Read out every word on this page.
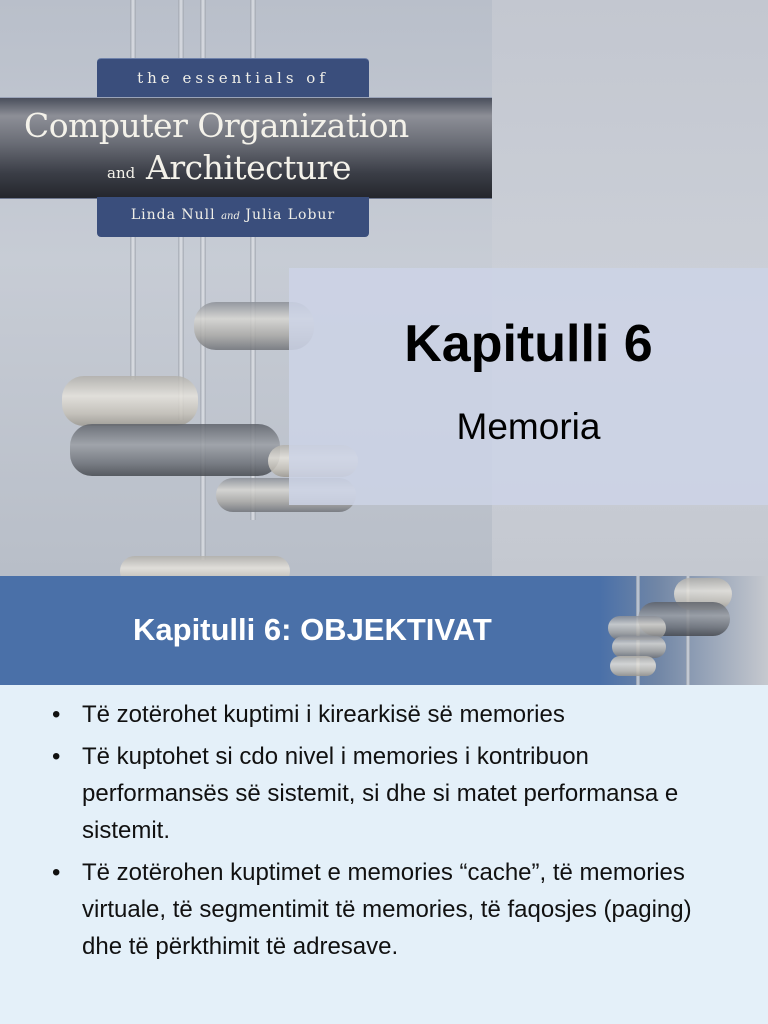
the essentials of
Computer Organization
and Architecture
Linda Null and Julia Lobur
Kapitulli 6
Memoria
Kapitulli 6: OBJEKTIVAT
• Të zotërohet kuptimi i kirearkisë së memories
• Të kuptohet si cdo nivel i memories i kontribuon performansës së sistemit, si dhe si matet performansa e sistemit.
• Të zotërohen kuptimet e memories “cache”, të memories virtuale, të segmentimit të memories, të faqosjes (paging) dhe të përkthimit të adresave.
